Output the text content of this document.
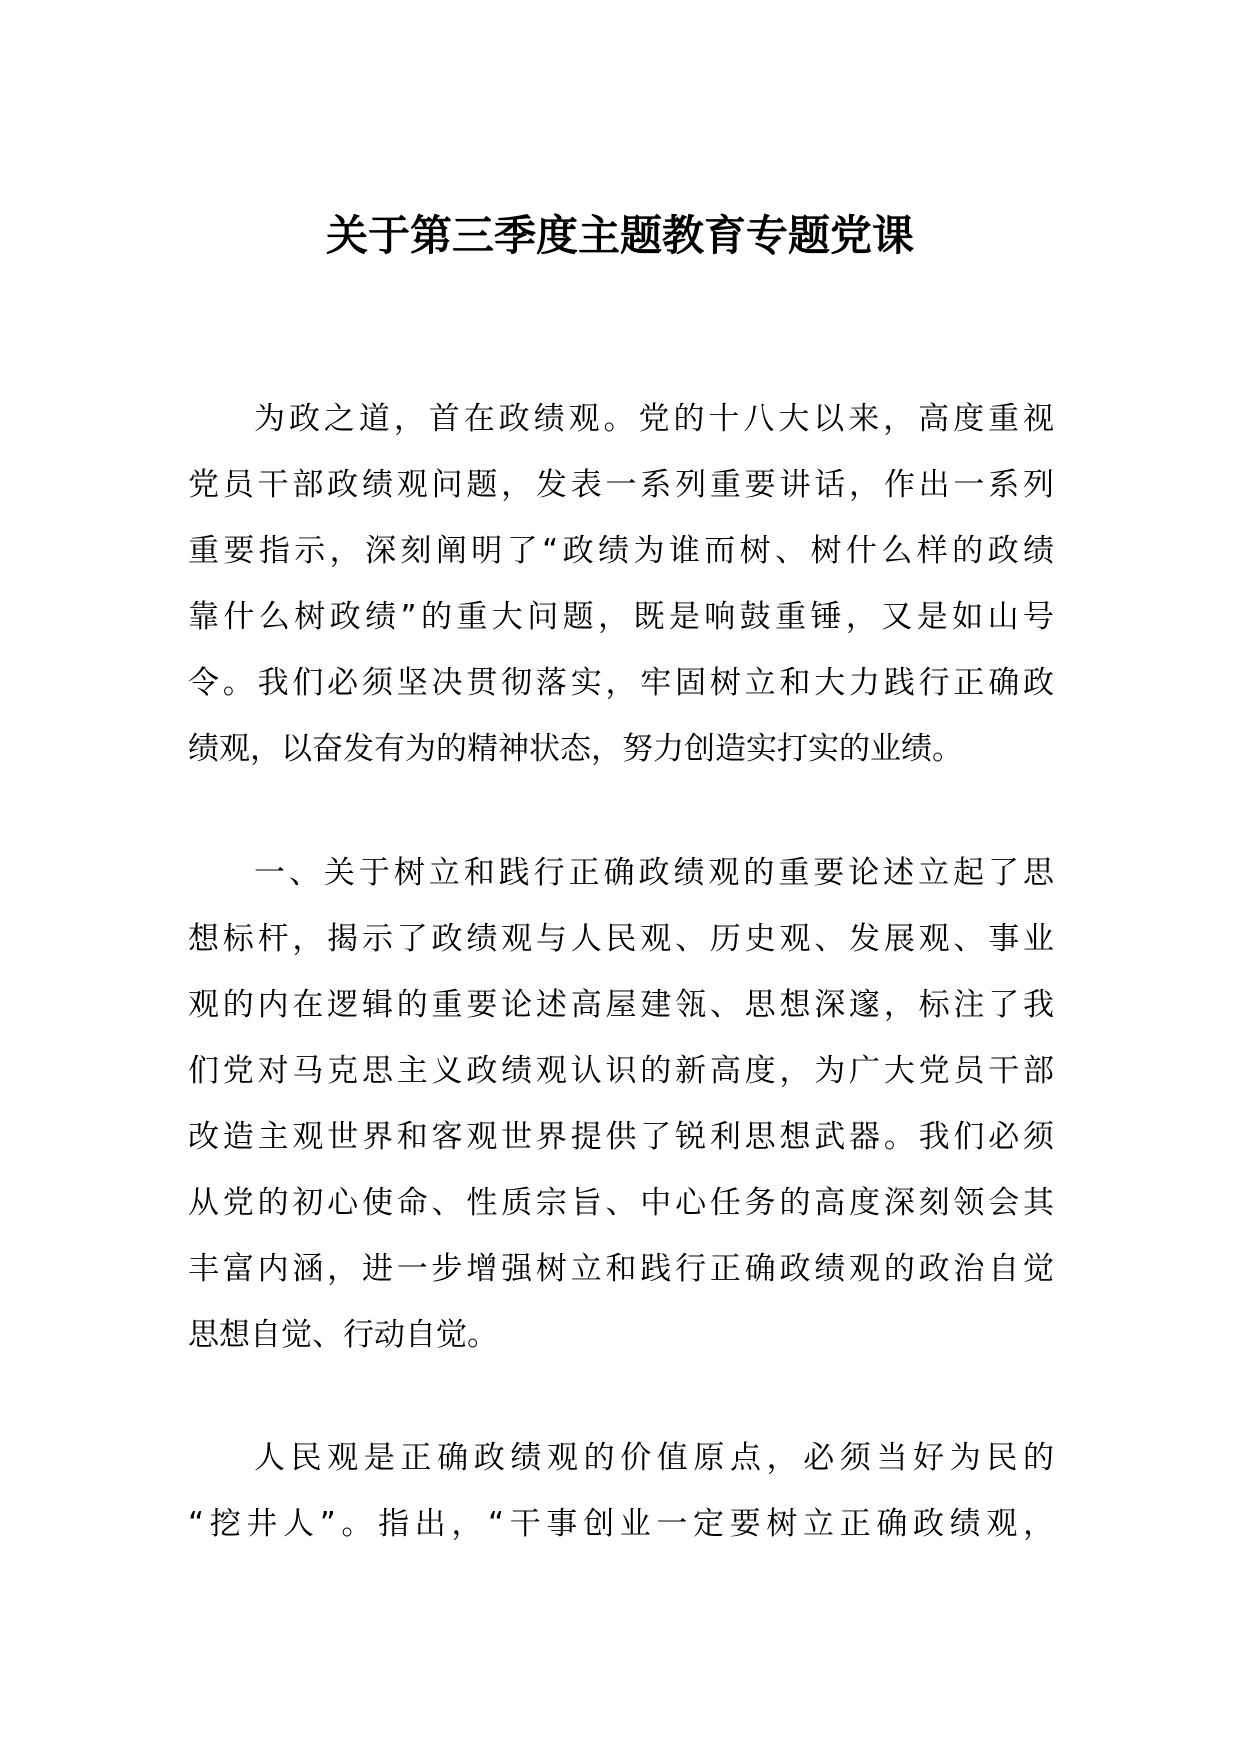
关于第三季度主题教育专题党课
为政之道，首在政绩观。党的十八大以来，高度重视
党员干部政绩观问题，发表一系列重要讲话，作出一系列
重要指示，深刻阐明了“政绩为谁而树、树什么样的政绩
靠什么树政绩”的重大问题，既是响鼓重锤，又是如山号
令。我们必须坚决贯彻落实，牢固树立和大力践行正确政
绩观，以奋发有为的精神状态，努力创造实打实的业绩。
一、关于树立和践行正确政绩观的重要论述立起了思
想标杆，揭示了政绩观与人民观、历史观、发展观、事业
观的内在逻辑的重要论述高屋建瓴、思想深邃，标注了我
们党对马克思主义政绩观认识的新高度，为广大党员干部
改造主观世界和客观世界提供了锐利思想武器。我们必须
从党的初心使命、性质宗旨、中心任务的高度深刻领会其
丰富内涵，进一步增强树立和践行正确政绩观的政治自觉
思想自觉、行动自觉。
人民观是正确政绩观的价值原点，必须当好为民的
“挖井人”。指出，“干事创业一定要树立正确政绩观，
